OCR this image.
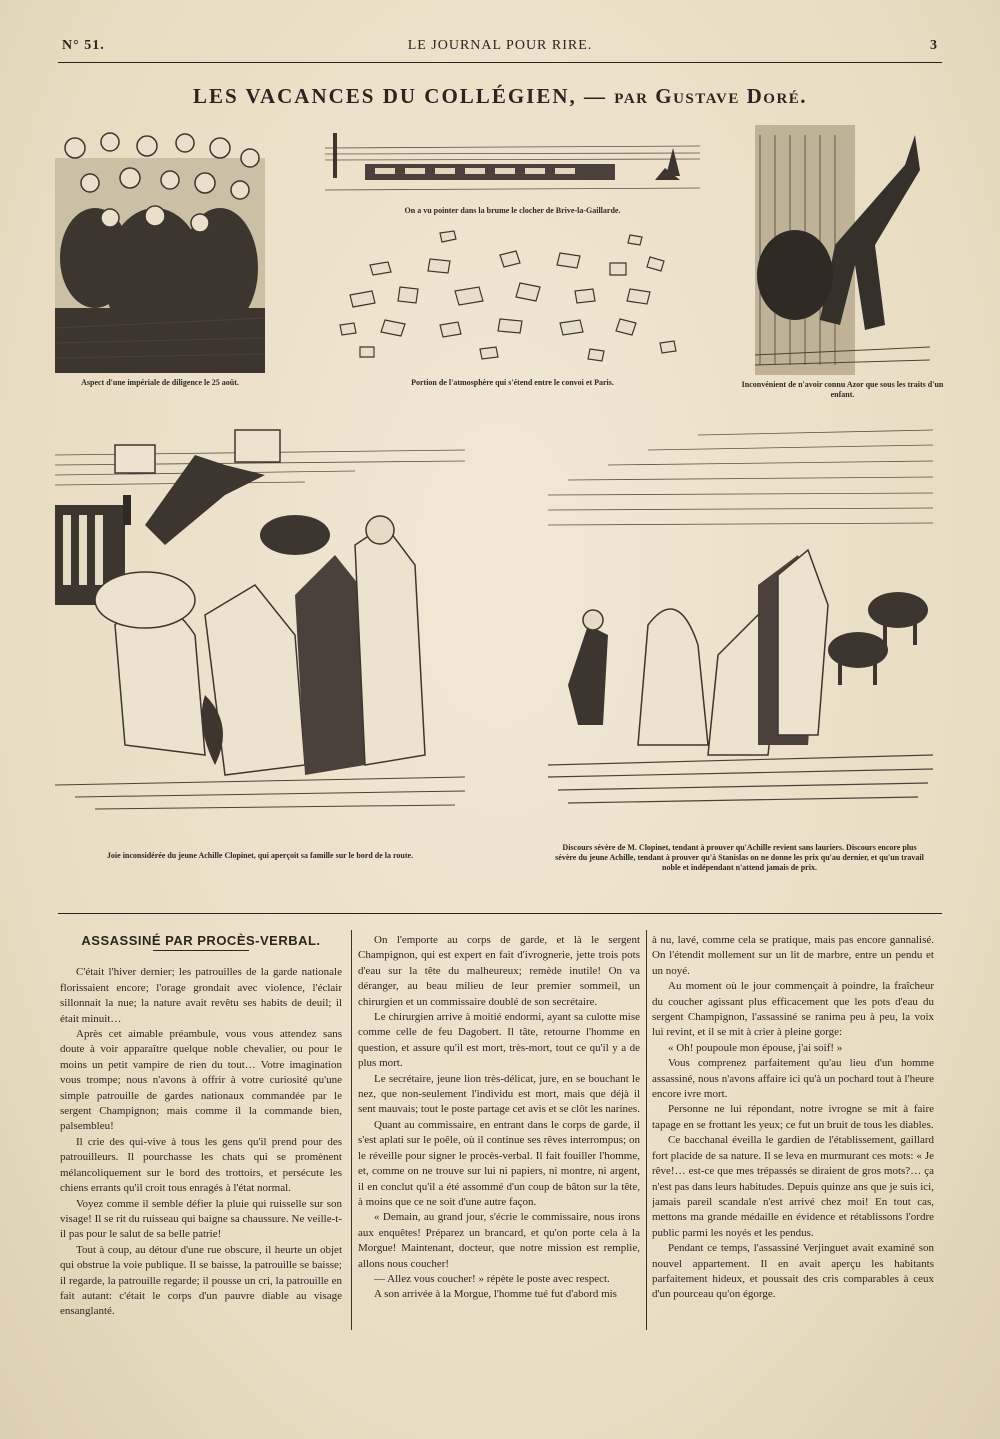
N° 51.	LE JOURNAL POUR RIRE.	3
LES VACANCES DU COLLÉGIEN, — par Gustave Doré.
Aspect d'une impériale de diligence le 25 août.
On a vu pointer dans la brume le clocher de Brive-la-Gaillarde.
Portion de l'atmosphère qui s'étend entre le convoi et Paris.	Inconvénient de n'avoir connu Azor que sous les traits d'un enfant.
Joie inconsidérée du jeune Achille Clopinet, qui aperçoit sa famille sur le bord de la route.
Discours sévère de M. Clopinet, tendant à prouver qu'Achille revient sans lauriers. Discours encore plus sévère du jeune Achille, tendant à prouver qu'à Stanislas on ne donne les prix qu'au dernier, et qu'un travail noble et indépendant n'attend jamais de prix.

ASSASSINÉ PAR PROCÈS-VERBAL.

C'était l'hiver dernier; les patrouilles de la garde nationale florissaient encore; l'orage grondait avec violence, l'éclair sillonnait la nue; la nature avait revêtu ses habits de deuil; il était minuit…

Après cet aimable préambule, vous vous attendez sans doute à voir apparaître quelque noble chevalier, ou pour le moins un petit vampire de rien du tout… Votre imagination vous trompe; nous n'avons à offrir à votre curiosité qu'une simple patrouille de gardes nationaux commandée par le sergent Champignon; mais comme il la commande bien, palsembleu!

Il crie des qui-vive à tous les gens qu'il prend pour des patrouilleurs. Il pourchasse les chats qui se promènent mélancoliquement sur le bord des trottoirs, et persécute les chiens errants qu'il croit tous enragés à l'état normal.

Voyez comme il semble défier la pluie qui ruisselle sur son visage! Il se rit du ruisseau qui baigne sa chaussure. Ne veille-t-il pas pour le salut de sa belle patrie!

Tout à coup, au détour d'une rue obscure, il heurte un objet qui obstrue la voie publique. Il se baisse, la patrouille se baisse; il regarde, la patrouille regarde; il pousse un cri, la patrouille en fait autant: c'était le corps d'un pauvre diable au visage ensanglanté.

On l'emporte au corps de garde, et là le sergent Champignon, qui est expert en fait d'ivrognerie, jette trois pots d'eau sur la tête du malheureux; remède inutile! On va déranger, au beau milieu de leur premier sommeil, un chirurgien et un commissaire doublé de son secrétaire.

Le chirurgien arrive à moitié endormi, ayant sa culotte mise comme celle de feu Dagobert. Il tâte, retourne l'homme en question, et assure qu'il est mort, très-mort, tout ce qu'il y a de plus mort.

Le secrétaire, jeune lion très-délicat, jure, en se bouchant le nez, que non-seulement l'individu est mort, mais que déjà il sent mauvais; tout le poste partage cet avis et se clôt les narines.

Quant au commissaire, en entrant dans le corps de garde, il s'est aplati sur le poêle, où il continue ses rêves interrompus; on le réveille pour signer le procès-verbal. Il fait fouiller l'homme, et, comme on ne trouve sur lui ni papiers, ni montre, ni argent, il en conclut qu'il a été assommé d'un coup de bâton sur la tête, à moins que ce ne soit d'une autre façon.

« Demain, au grand jour, s'écrie le commissaire, nous irons aux enquêtes! Préparez un brancard, et qu'on porte cela à la Morgue! Maintenant, docteur, que notre mission est remplie, allons nous coucher!

— Allez vous coucher! » répète le poste avec respect.

A son arrivée à la Morgue, l'homme tué fut d'abord mis

à nu, lavé, comme cela se pratique, mais pas encore gannalisé. On l'étendit mollement sur un lit de marbre, entre un pendu et un noyé.

Au moment où le jour commençait à poindre, la fraîcheur du coucher agissant plus efficacement que les pots d'eau du sergent Champignon, l'assassiné se ranima peu à peu, la voix lui revint, et il se mit à crier à pleine gorge:

« Oh! poupoule mon épouse, j'ai soif! »

Vous comprenez parfaitement qu'au lieu d'un homme assassiné, nous n'avons affaire ici qu'à un pochard tout à l'heure encore ivre mort.

Personne ne lui répondant, notre ivrogne se mit à faire tapage en se frottant les yeux; ce fut un bruit de tous les diables.

Ce bacchanal éveilla le gardien de l'établissement, gaillard fort placide de sa nature. Il se leva en murmurant ces mots: « Je rêve!… est-ce que mes trépassés se diraient de gros mots?… ça n'est pas dans leurs habitudes. Depuis quinze ans que je suis ici, jamais pareil scandale n'est arrivé chez moi! En tout cas, mettons ma grande médaille en évidence et rétablissons l'ordre public parmi les noyés et les pendus.

Pendant ce temps, l'assassiné Verjinguet avait examiné son nouvel appartement. Il en avait aperçu les habitants parfaitement hideux, et poussait des cris comparables à ceux d'un pourceau qu'on égorge.
